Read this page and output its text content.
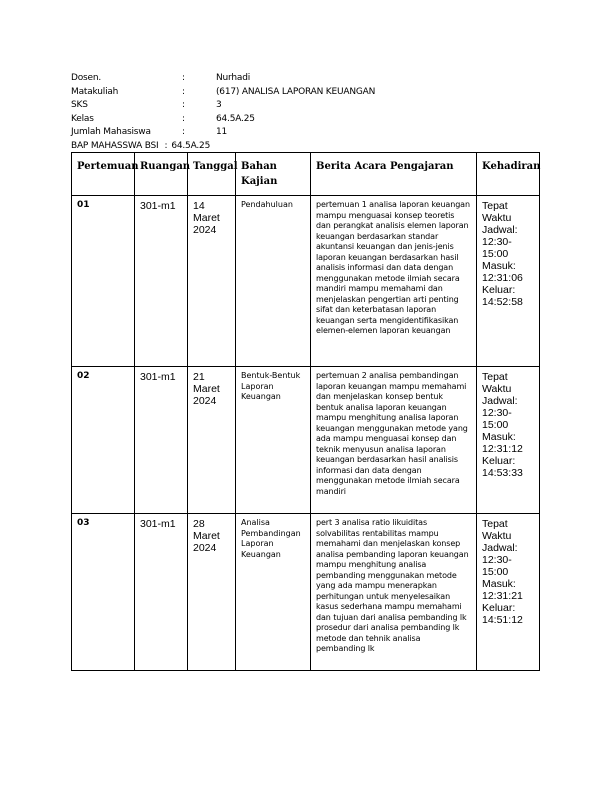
Dosen.	:	Nurhadi
Matakuliah	:	(617) ANALISA LAPORAN KEUANGAN
SKS	:	3
Kelas	:	64.5A.25
Jumlah Mahasiswa	:	11
BAP MAHASSWA BSI : 64.5A.25
Pertemuan	Ruangan	Tanggal	Bahan Kajian	Berita Acara Pengajaran	Kehadiran
01	301-m1	14 Maret 2024	Pendahuluan	pertemuan 1 analisa laporan keuangan mampu menguasai konsep teoretis dan perangkat analisis elemen laporan keuangan berdasarkan standar akuntansi keuangan dan jenis-jenis laporan keuangan berdasarkan hasil analisis informasi dan data dengan menggunakan metode ilmiah secara mandiri mampu memahami dan menjelaskan pengertian arti penting sifat dan keterbatasan laporan keuangan serta mengidentifikasikan elemen-elemen laporan keuangan	Tepat Waktu Jadwal: 12:30-15:00 Masuk: 12:31:06 Keluar: 14:52:58
02	301-m1	21 Maret 2024	Bentuk-Bentuk Laporan Keuangan	pertemuan 2 analisa pembandingan laporan keuangan mampu memahami dan menjelaskan konsep bentuk bentuk analisa laporan keuangan mampu menghitung analisa laporan keuangan menggunakan metode yang ada mampu menguasai konsep dan teknik menyusun analisa laporan keuangan berdasarkan hasil analisis informasi dan data dengan menggunakan metode ilmiah secara mandiri	Tepat Waktu Jadwal: 12:30-15:00 Masuk: 12:31:12 Keluar: 14:53:33
03	301-m1	28 Maret 2024	Analisa Pembandingan Laporan Keuangan	pert 3 analisa ratio likuiditas solvabilitas rentabilitas mampu memahami dan menjelaskan konsep analisa pembanding laporan keuangan mampu menghitung analisa pembanding menggunakan metode yang ada mampu menerapkan perhitungan untuk menyelesaikan kasus sederhana mampu memahami dan tujuan dari analisa pembanding lk prosedur dari analisa pembanding lk metode dan tehnik analisa pembanding lk	Tepat Waktu Jadwal: 12:30-15:00 Masuk: 12:31:21 Keluar: 14:51:12
